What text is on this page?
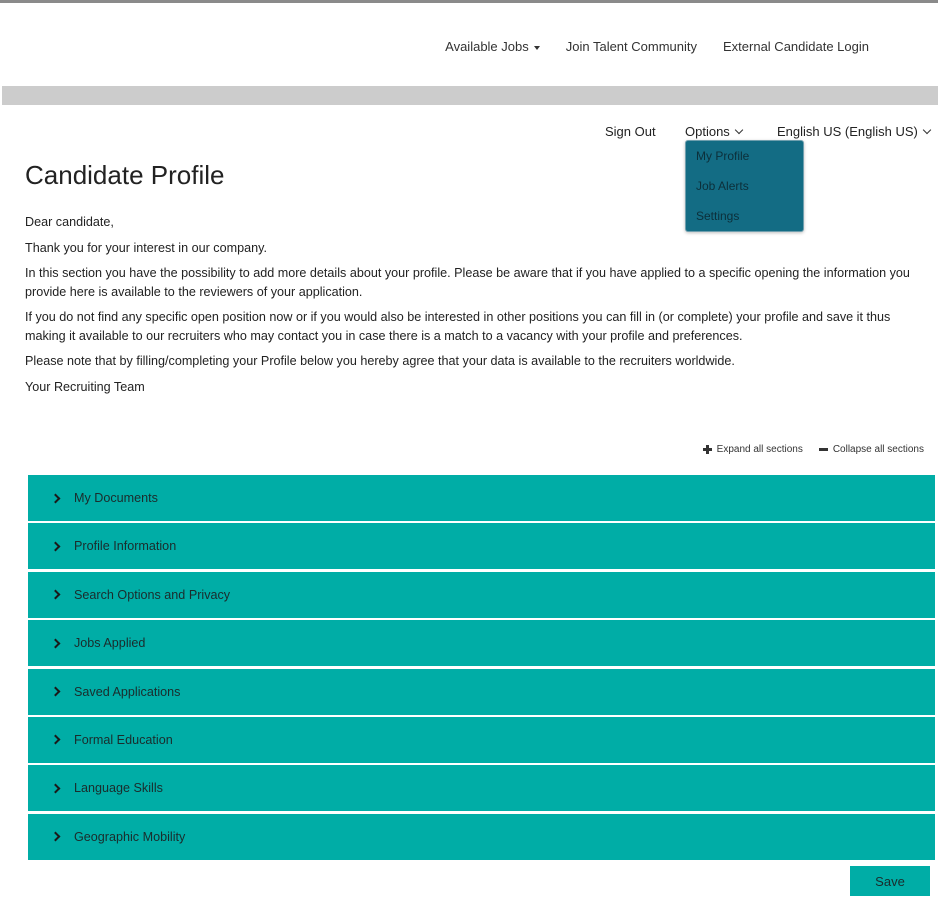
Available Jobs	Join Talent Community External Candidate Login
Sign Out Options	English US (English US)
My Profile
Job Alerts
Settings
Candidate Profile

Dear candidate,

Thank you for your interest in our company.

In this section you have the possibility to add more details about your profile. Please be aware that if you have applied to a specific opening the information you provide here is available to the reviewers of your application.

If you do not find any specific open position now or if you would also be interested in other positions you can fill in (or complete) your profile and save it thus making it available to our recruiters who may contact you in case there is a match to a vacancy with your profile and preferences.

Please note that by filling/completing your Profile below you hereby agree that your data is available to the recruiters worldwide.

Your Recruiting Team

Expand all sections	Collapse all sections
My Documents
Profile Information
Search Options and Privacy
Jobs Applied
Saved Applications
Formal Education
Language Skills
Geographic Mobility
Save
